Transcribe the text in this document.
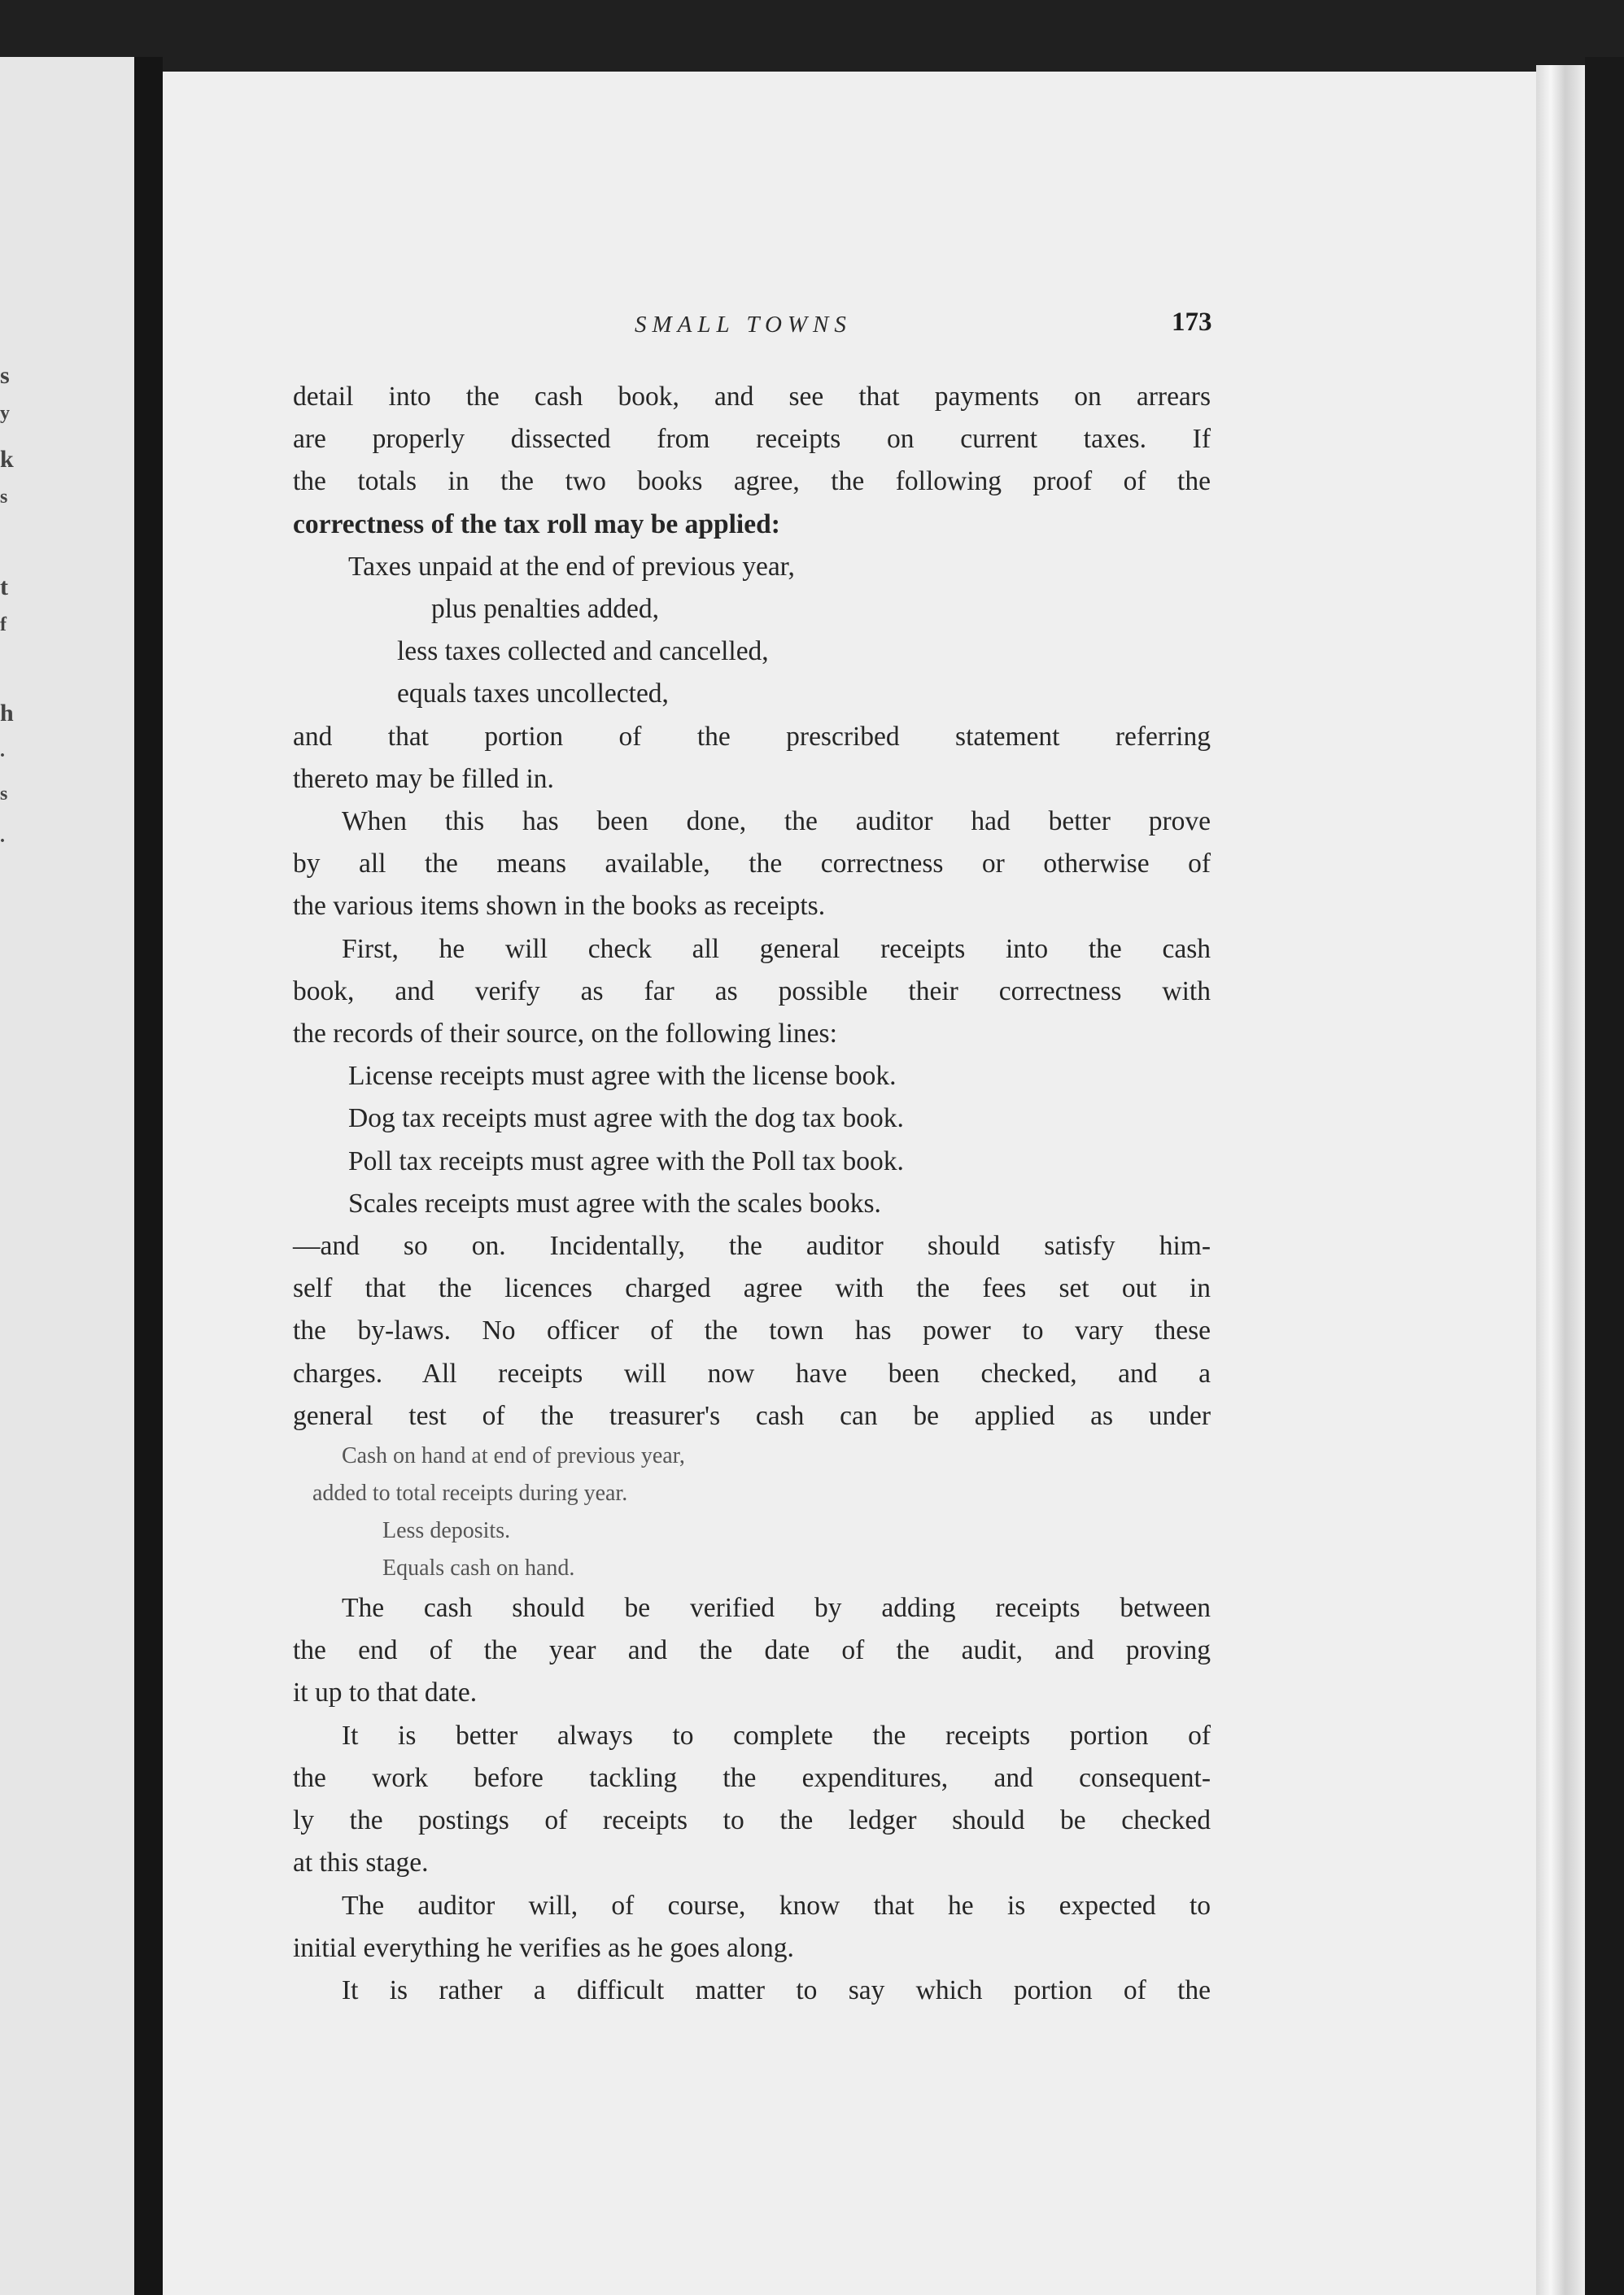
s
y
k
s
t
f
h
.
s
.
SMALL TOWNS	173

detail into the cash book, and see that payments on arrears

are properly dissected from receipts on current taxes. If

the totals in the two books agree, the following proof of the

correctness of the tax roll may be applied:

Taxes unpaid at the end of previous year,
plus penalties added,
less taxes collected and cancelled,
equals taxes uncollected,

and that portion of the prescribed statement referring

thereto may be filled in.

When this has been done, the auditor had better prove

by all the means available, the correctness or otherwise of

the various items shown in the books as receipts.

First, he will check all general receipts into the cash

book, and verify as far as possible their correctness with

the records of their source, on the following lines:

License receipts must agree with the license book.
Dog tax receipts must agree with the dog tax book.
Poll tax receipts must agree with the Poll tax book.
Scales receipts must agree with the scales books.

—and so on. Incidentally, the auditor should satisfy him-

self that the licences charged agree with the fees set out in

the by-laws. No officer of the town has power to vary these

charges. All receipts will now have been checked, and a

general test of the treasurer's cash can be applied as under

Cash on hand at end of previous year,
added to total receipts during year.
Less deposits.
Equals cash on hand.

The cash should be verified by adding receipts between

the end of the year and the date of the audit, and proving

it up to that date.

It is better always to complete the receipts portion of

the work before tackling the expenditures, and consequent-

ly the postings of receipts to the ledger should be checked

at this stage.

The auditor will, of course, know that he is expected to

initial everything he verifies as he goes along.

It is rather a difficult matter to say which portion of the
